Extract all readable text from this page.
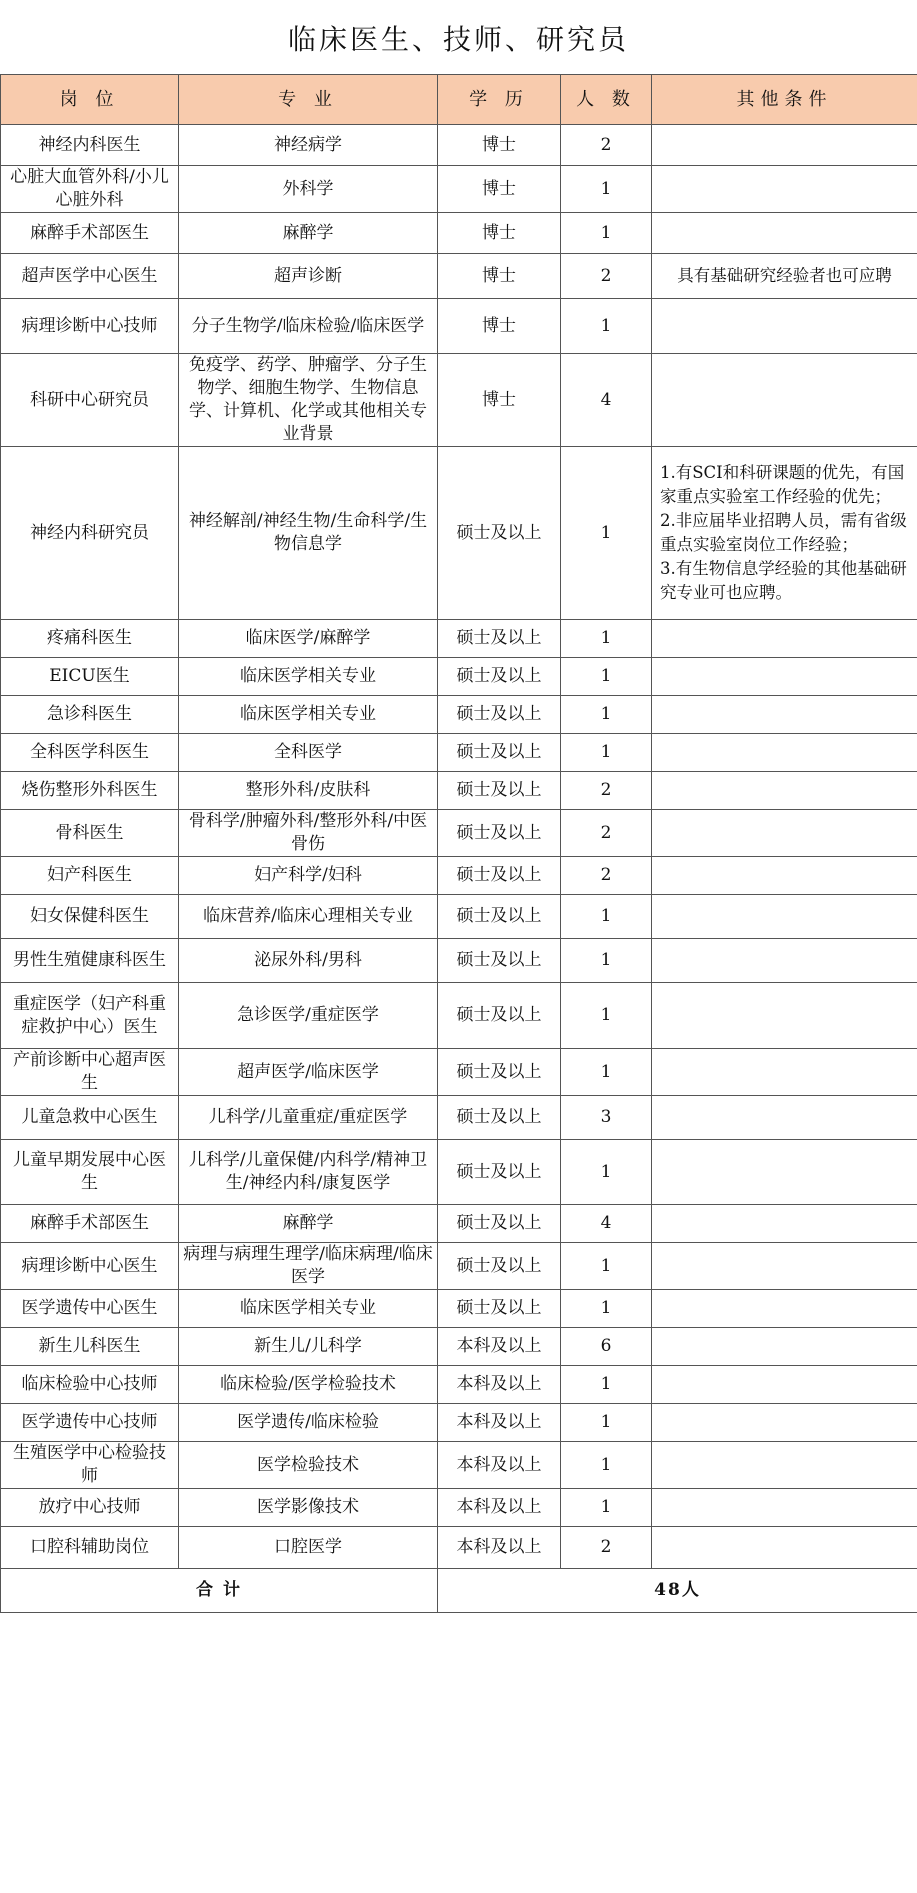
临床医生、技师、研究员
岗 位	专 业	学 历	人 数	其他条件
神经内科医生	神经病学	博士	2	
心脏大血管外科/小儿心脏外科	外科学	博士	1	
麻醉手术部医生	麻醉学	博士	1	
超声医学中心医生	超声诊断	博士	2	具有基础研究经验者也可应聘
病理诊断中心技师	分子生物学/临床检验/临床医学	博士	1	
科研中心研究员	免疫学、药学、肿瘤学、分子生物学、细胞生物学、生物信息学、计算机、化学或其他相关专业背景	博士	4	
神经内科研究员	神经解剖/神经生物/生命科学/生物信息学	硕士及以上	1	1.有SCI和科研课题的优先，有国家重点实验室工作经验的优先；
2.非应届毕业招聘人员，需有省级重点实验室岗位工作经验；
3.有生物信息学经验的其他基础研究专业可也应聘。
疼痛科医生	临床医学/麻醉学	硕士及以上	1	
EICU医生	临床医学相关专业	硕士及以上	1	
急诊科医生	临床医学相关专业	硕士及以上	1	
全科医学科医生	全科医学	硕士及以上	1	
烧伤整形外科医生	整形外科/皮肤科	硕士及以上	2	
骨科医生	骨科学/肿瘤外科/整形外科/中医骨伤	硕士及以上	2	
妇产科医生	妇产科学/妇科	硕士及以上	2	
妇女保健科医生	临床营养/临床心理相关专业	硕士及以上	1	
男性生殖健康科医生	泌尿外科/男科	硕士及以上	1	
重症医学（妇产科重症救护中心）医生	急诊医学/重症医学	硕士及以上	1	
产前诊断中心超声医生	超声医学/临床医学	硕士及以上	1	
儿童急救中心医生	儿科学/儿童重症/重症医学	硕士及以上	3	
儿童早期发展中心医生	儿科学/儿童保健/内科学/精神卫生/神经内科/康复医学	硕士及以上	1	
麻醉手术部医生	麻醉学	硕士及以上	4	
病理诊断中心医生	病理与病理生理学/临床病理/临床医学	硕士及以上	1	
医学遗传中心医生	临床医学相关专业	硕士及以上	1	
新生儿科医生	新生儿/儿科学	本科及以上	6	
临床检验中心技师	临床检验/医学检验技术	本科及以上	1	
医学遗传中心技师	医学遗传/临床检验	本科及以上	1	
生殖医学中心检验技师	医学检验技术	本科及以上	1	
放疗中心技师	医学影像技术	本科及以上	1	
口腔科辅助岗位	口腔医学	本科及以上	2	
合 计		48人		
